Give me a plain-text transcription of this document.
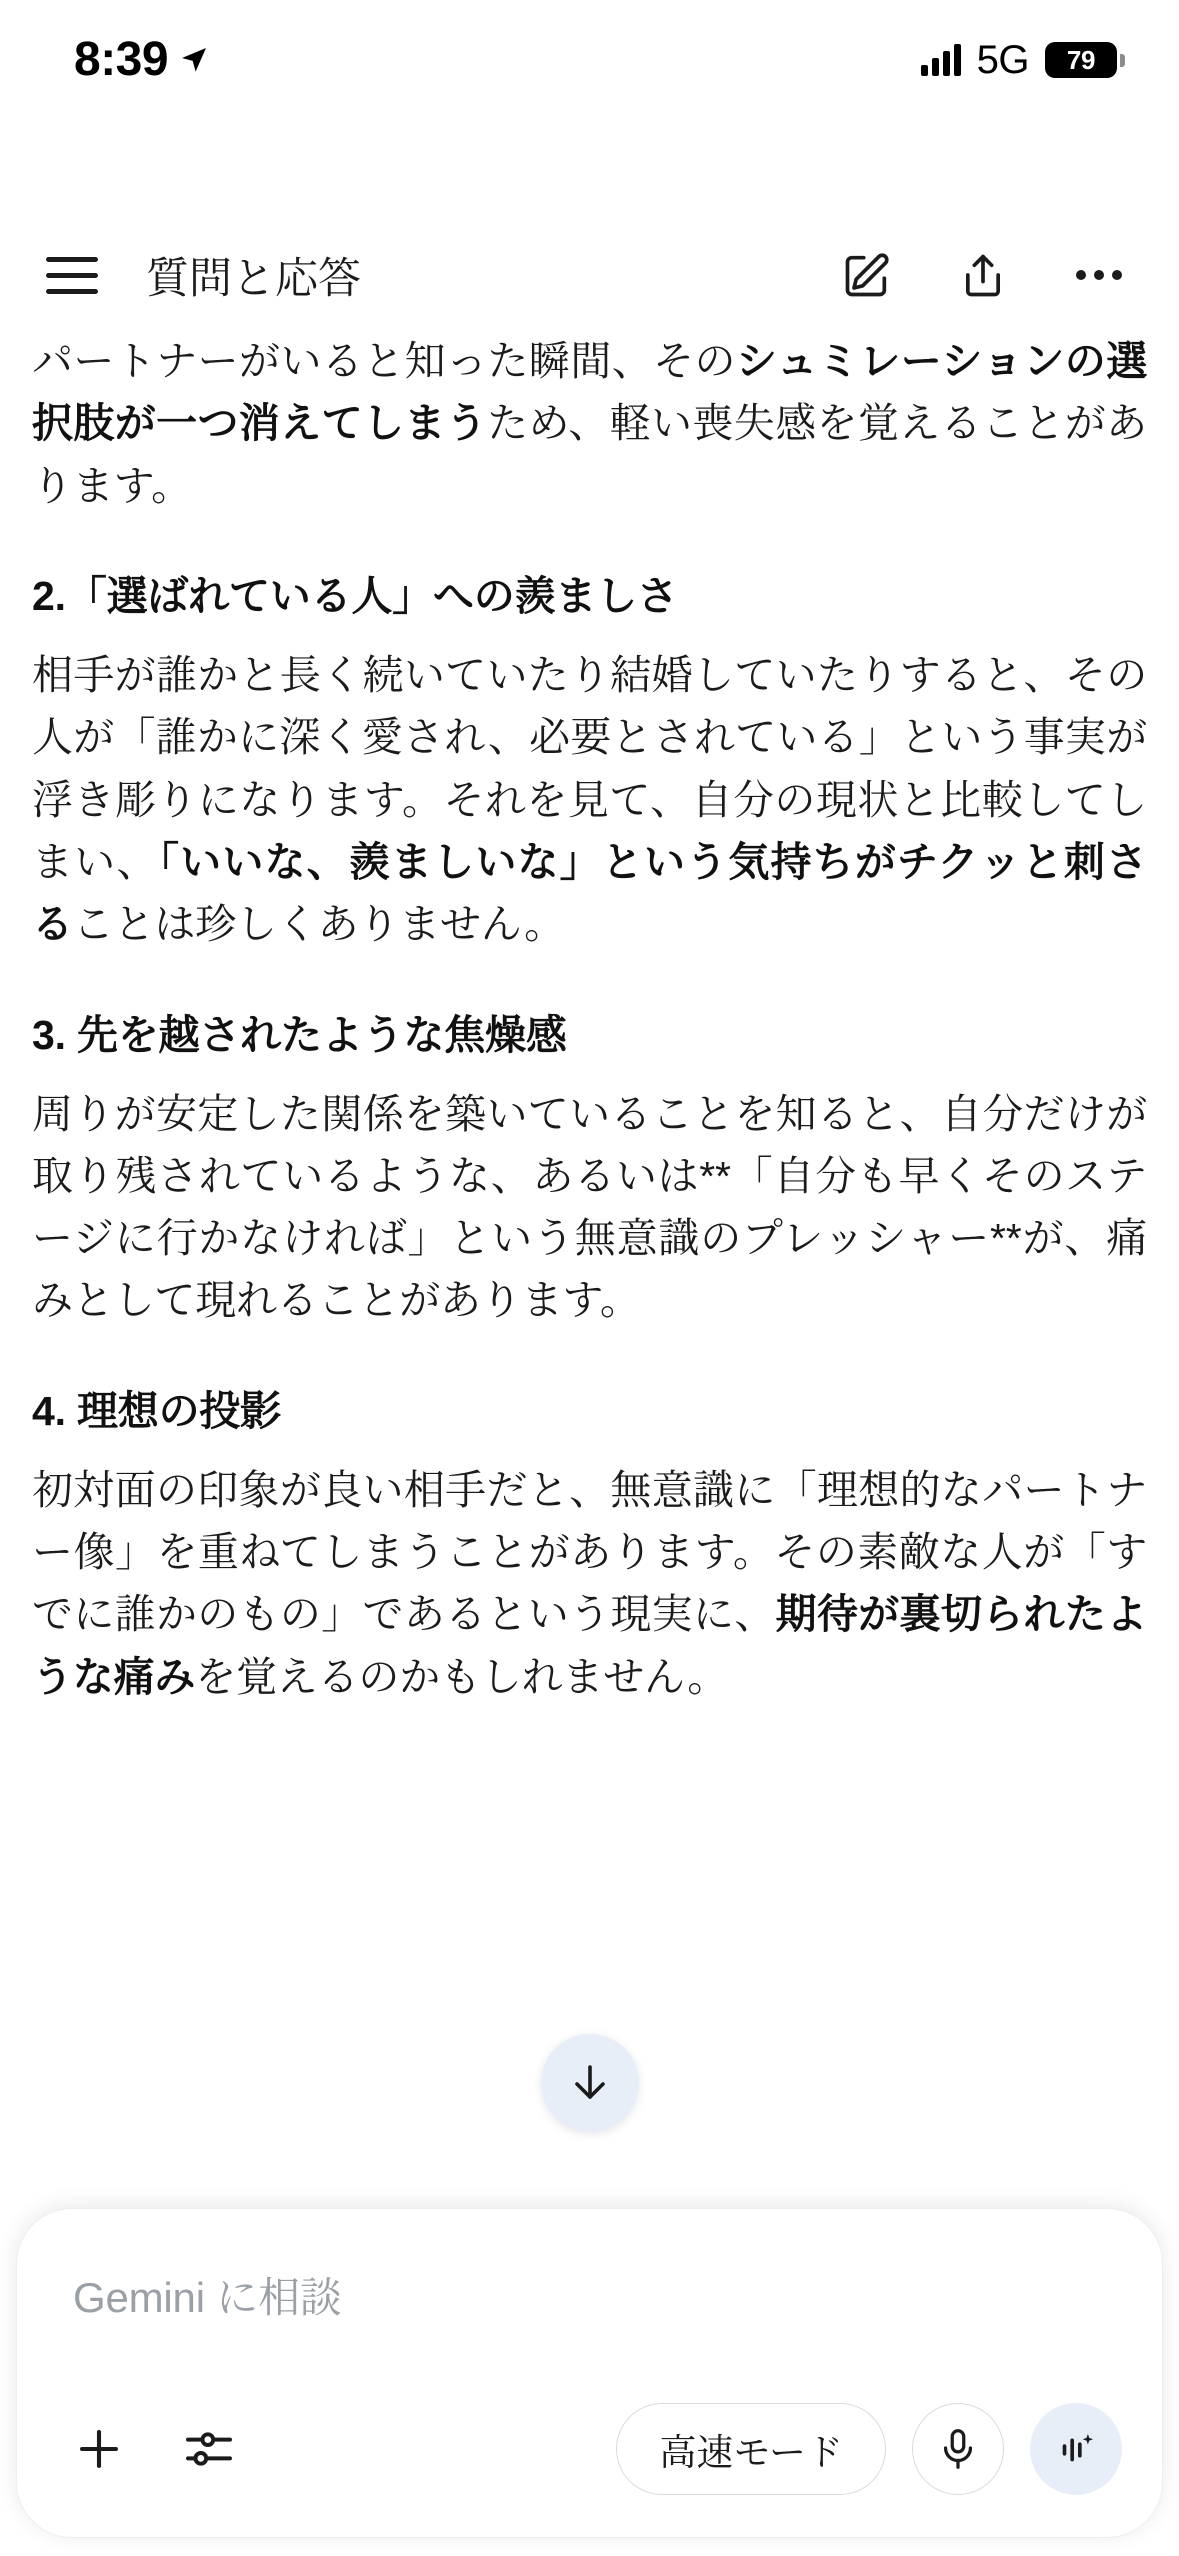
8:39	5G 79
質問と応答

パートナーがいると知った瞬間、そのシュミレーションの選択肢が一つ消えてしまうため、軽い喪失感を覚えることがあります。

2.「選ばれている人」への羨ましさ

相手が誰かと長く続いていたり結婚していたりすると、その人が「誰かに深く愛され、必要とされている」という事実が浮き彫りになります。それを見て、自分の現状と比較してしまい、「いいな、羨ましいな」という気持ちがチクッと刺さることは珍しくありません。

3. 先を越されたような焦燥感

周りが安定した関係を築いていることを知ると、自分だけが取り残されているような、あるいは**「自分も早くそのステージに行かなければ」という無意識のプレッシャー**が、痛みとして現れることがあります。

4. 理想の投影

初対面の印象が良い相手だと、無意識に「理想的なパートナー像」を重ねてしまうことがあります。その素敵な人が「すでに誰かのもの」であるという現実に、期待が裏切られたような痛みを覚えるのかもしれません。

Gemini に相談
高速モード
